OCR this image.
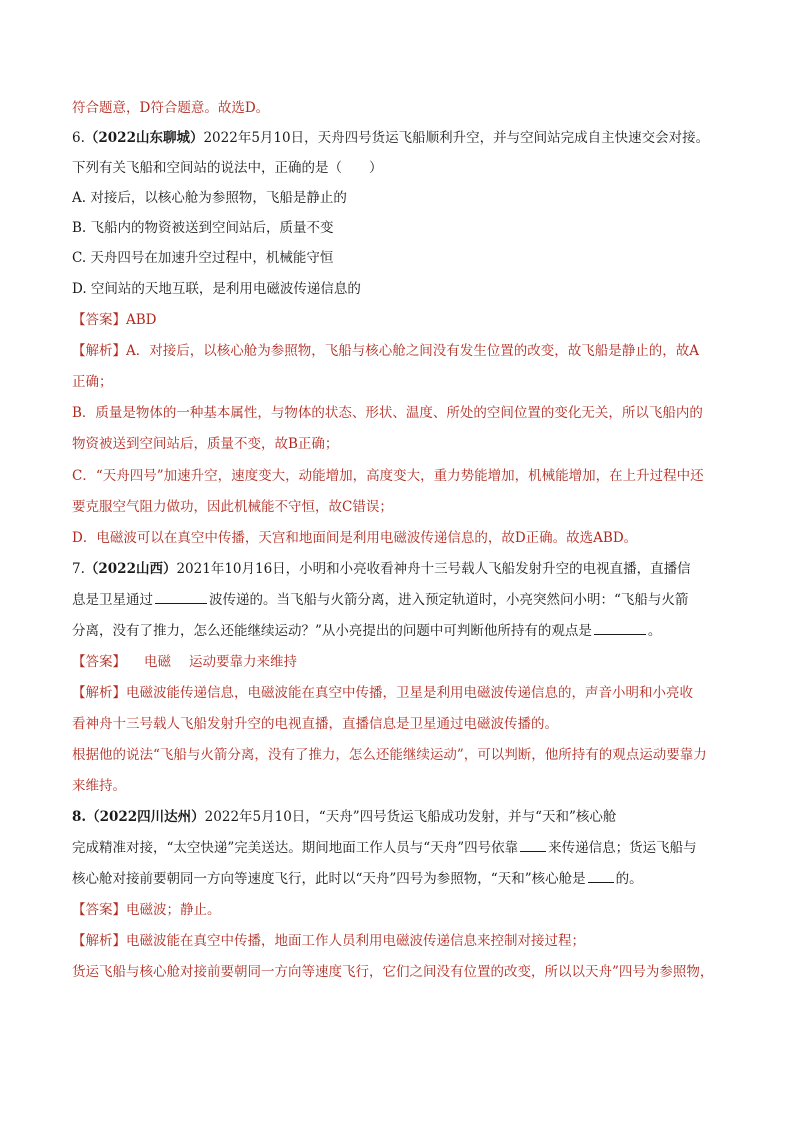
符合题意，D符合题意。故选D。
6.（2022山东聊城）2022年5月10日，天舟四号货运飞船顺利升空，并与空间站完成自主快速交会对接。
下列有关飞船和空间站的说法中，正确的是（　　）
A. 对接后，以核心舱为参照物，飞船是静止的
B. 飞船内的物资被送到空间站后，质量不变
C. 天舟四号在加速升空过程中，机械能守恒
D. 空间站的天地互联，是利用电磁波传递信息的
【答案】ABD
【解析】A．对接后，以核心舱为参照物，飞船与核心舱之间没有发生位置的改变，故飞船是静止的，故A
正确；
B．质量是物体的一种基本属性，与物体的状态、形状、温度、所处的空间位置的变化无关，所以飞船内的
物资被送到空间站后，质量不变，故B正确；
C．“天舟四号”加速升空，速度变大，动能增加，高度变大，重力势能增加，机械能增加，在上升过程中还
要克服空气阻力做功，因此机械能不守恒，故C错误；
D．电磁波可以在真空中传播，天宫和地面间是利用电磁波传递信息的，故D正确。故选ABD。
7.（2022山西）2021年10月16日，小明和小亮收看神舟十三号载人飞船发射升空的电视直播，直播信
息是卫星通过	波传递的。当飞船与火箭分离，进入预定轨道时，小亮突然问小明：“飞船与火箭
分离，没有了推力，怎么还能继续运动？”从小亮提出的问题中可判断他所持有的观点是	。
【答案】 电磁 运动要靠力来维持
【解析】电磁波能传递信息，电磁波能在真空中传播，卫星是利用电磁波传递信息的，声音小明和小亮收
看神舟十三号载人飞船发射升空的电视直播，直播信息是卫星通过电磁波传播的。
根据他的说法“飞船与火箭分离，没有了推力，怎么还能继续运动”，可以判断，他所持有的观点运动要靠力
来维持。
8.（2022四川达州）2022年5月10日，“天舟”四号货运飞船成功发射，并与“天和”核心舱
完成精准对接，“太空快递”完美送达。期间地面工作人员与“天舟”四号依靠 来传递信息；货运飞船与
核心舱对接前要朝同一方向等速度飞行，此时以“天舟”四号为参照物，“天和”核心舱是 的。
【答案】电磁波；静止。
【解析】电磁波能在真空中传播，地面工作人员利用电磁波传递信息来控制对接过程；
货运飞船与核心舱对接前要朝同一方向等速度飞行，它们之间没有位置的改变，所以以天舟”四号为参照物，
